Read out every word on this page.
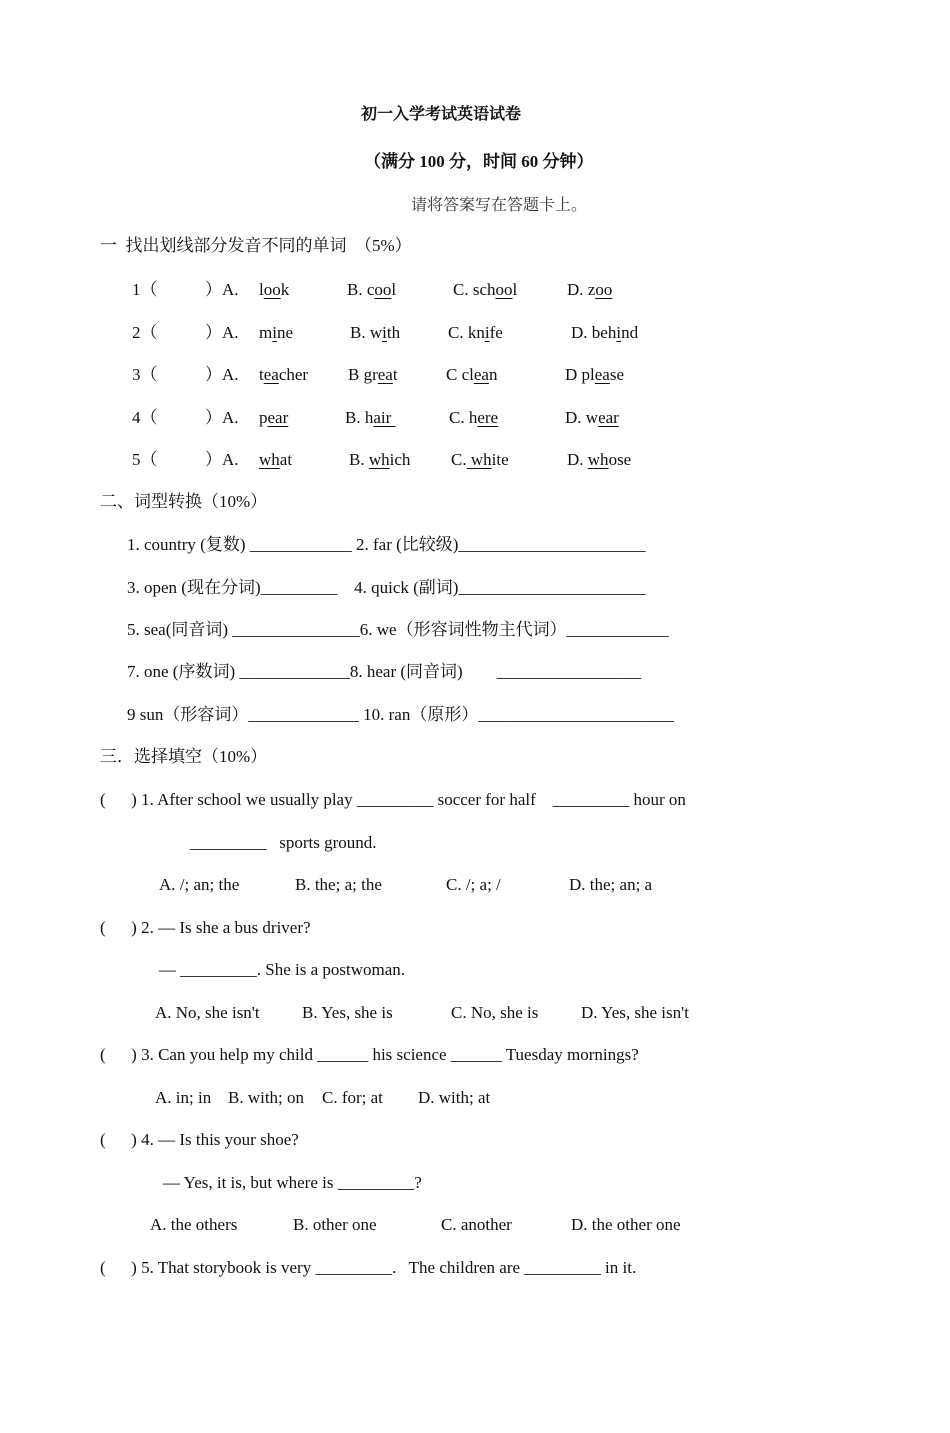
初一入学考试英语试卷
（满分 100 分，时间 60 分钟）
请将答案写在答题卡上。
一  找出划线部分发音不同的单词  （5%）
1（	）A. look	B. cool	C. school	D. zoo
2（	）A. mine	B. with	C. knife	D. behind
3（	）A. teacher B great	C clean	D please
4（	）A. pear	B. hair	C. here	D. wear
5（	）A. what	B. which C. white	D. whose
二、词型转换（10%）
1. country (复数) ____________ 2. far (比较级)______________________
3. open (现在分词)_________    4. quick (副词)______________________
5. sea(同音词) _______________6. we（形容词性物主代词）____________
7. one (序数词) _____________8. hear (同音词)        _________________
9 sun（形容词）_____________ 10. ran（原形）_______________________
三．选择填空（10%）
(      ) 1. After school we usually play _________ soccer for half    _________ hour on
_________   sports ground.
A. /; an; the	B. the; a; the	C. /; a; /	D. the; an; a
(      ) 2. — Is she a bus driver?
— _________. She is a postwoman.
A. No, she isn't B. Yes, she is	C. No, she is	D. Yes, she isn't
(      ) 3. Can you help my child ______ his science ______ Tuesday mornings?
A. in; in B. with; on C. for; at D. with; at
(      ) 4. — Is this your shoe?
— Yes, it is, but where is _________?
A. the others	B. other one	C. another	D. the other one
(      ) 5. That storybook is very _________.   The children are _________ in it.
